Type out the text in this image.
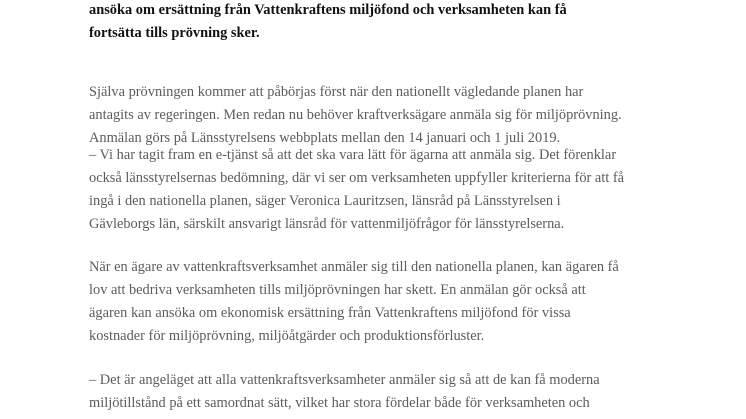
ansöka om ersättning från Vattenkraftens miljöfond och verksamheten kan få
fortsätta tills prövning sker.

Själva prövningen kommer att påbörjas först när den nationellt vägledande planen har
antagits av regeringen. Men redan nu behöver kraftverksägare anmäla sig för miljöprövning.
Anmälan görs på Länsstyrelsens webbplats mellan den 14 januari och 1 juli 2019.

– Vi har tagit fram en e-tjänst så att det ska vara lätt för ägarna att anmäla sig. Det förenklar
också länsstyrelsernas bedömning, där vi ser om verksamheten uppfyller kriterierna för att få
ingå i den nationella planen, säger Veronica Lauritzsen, länsråd på Länsstyrelsen i
Gävleborgs län, särskilt ansvarigt länsråd för vattenmiljöfrågor för länsstyrelserna.

När en ägare av vattenkraftsverksamhet anmäler sig till den nationella planen, kan ägaren få
lov att bedriva verksamheten tills miljöprövningen har skett. En anmälan gör också att
ägaren kan ansöka om ekonomisk ersättning från Vattenkraftens miljöfond för vissa
kostnader för miljöprövning, miljöåtgärder och produktionsförluster.

– Det är angeläget att alla vattenkraftsverksamheter anmäler sig så att de kan få moderna
miljötillstånd på ett samordnat sätt, vilket har stora fördelar både för verksamheten och
